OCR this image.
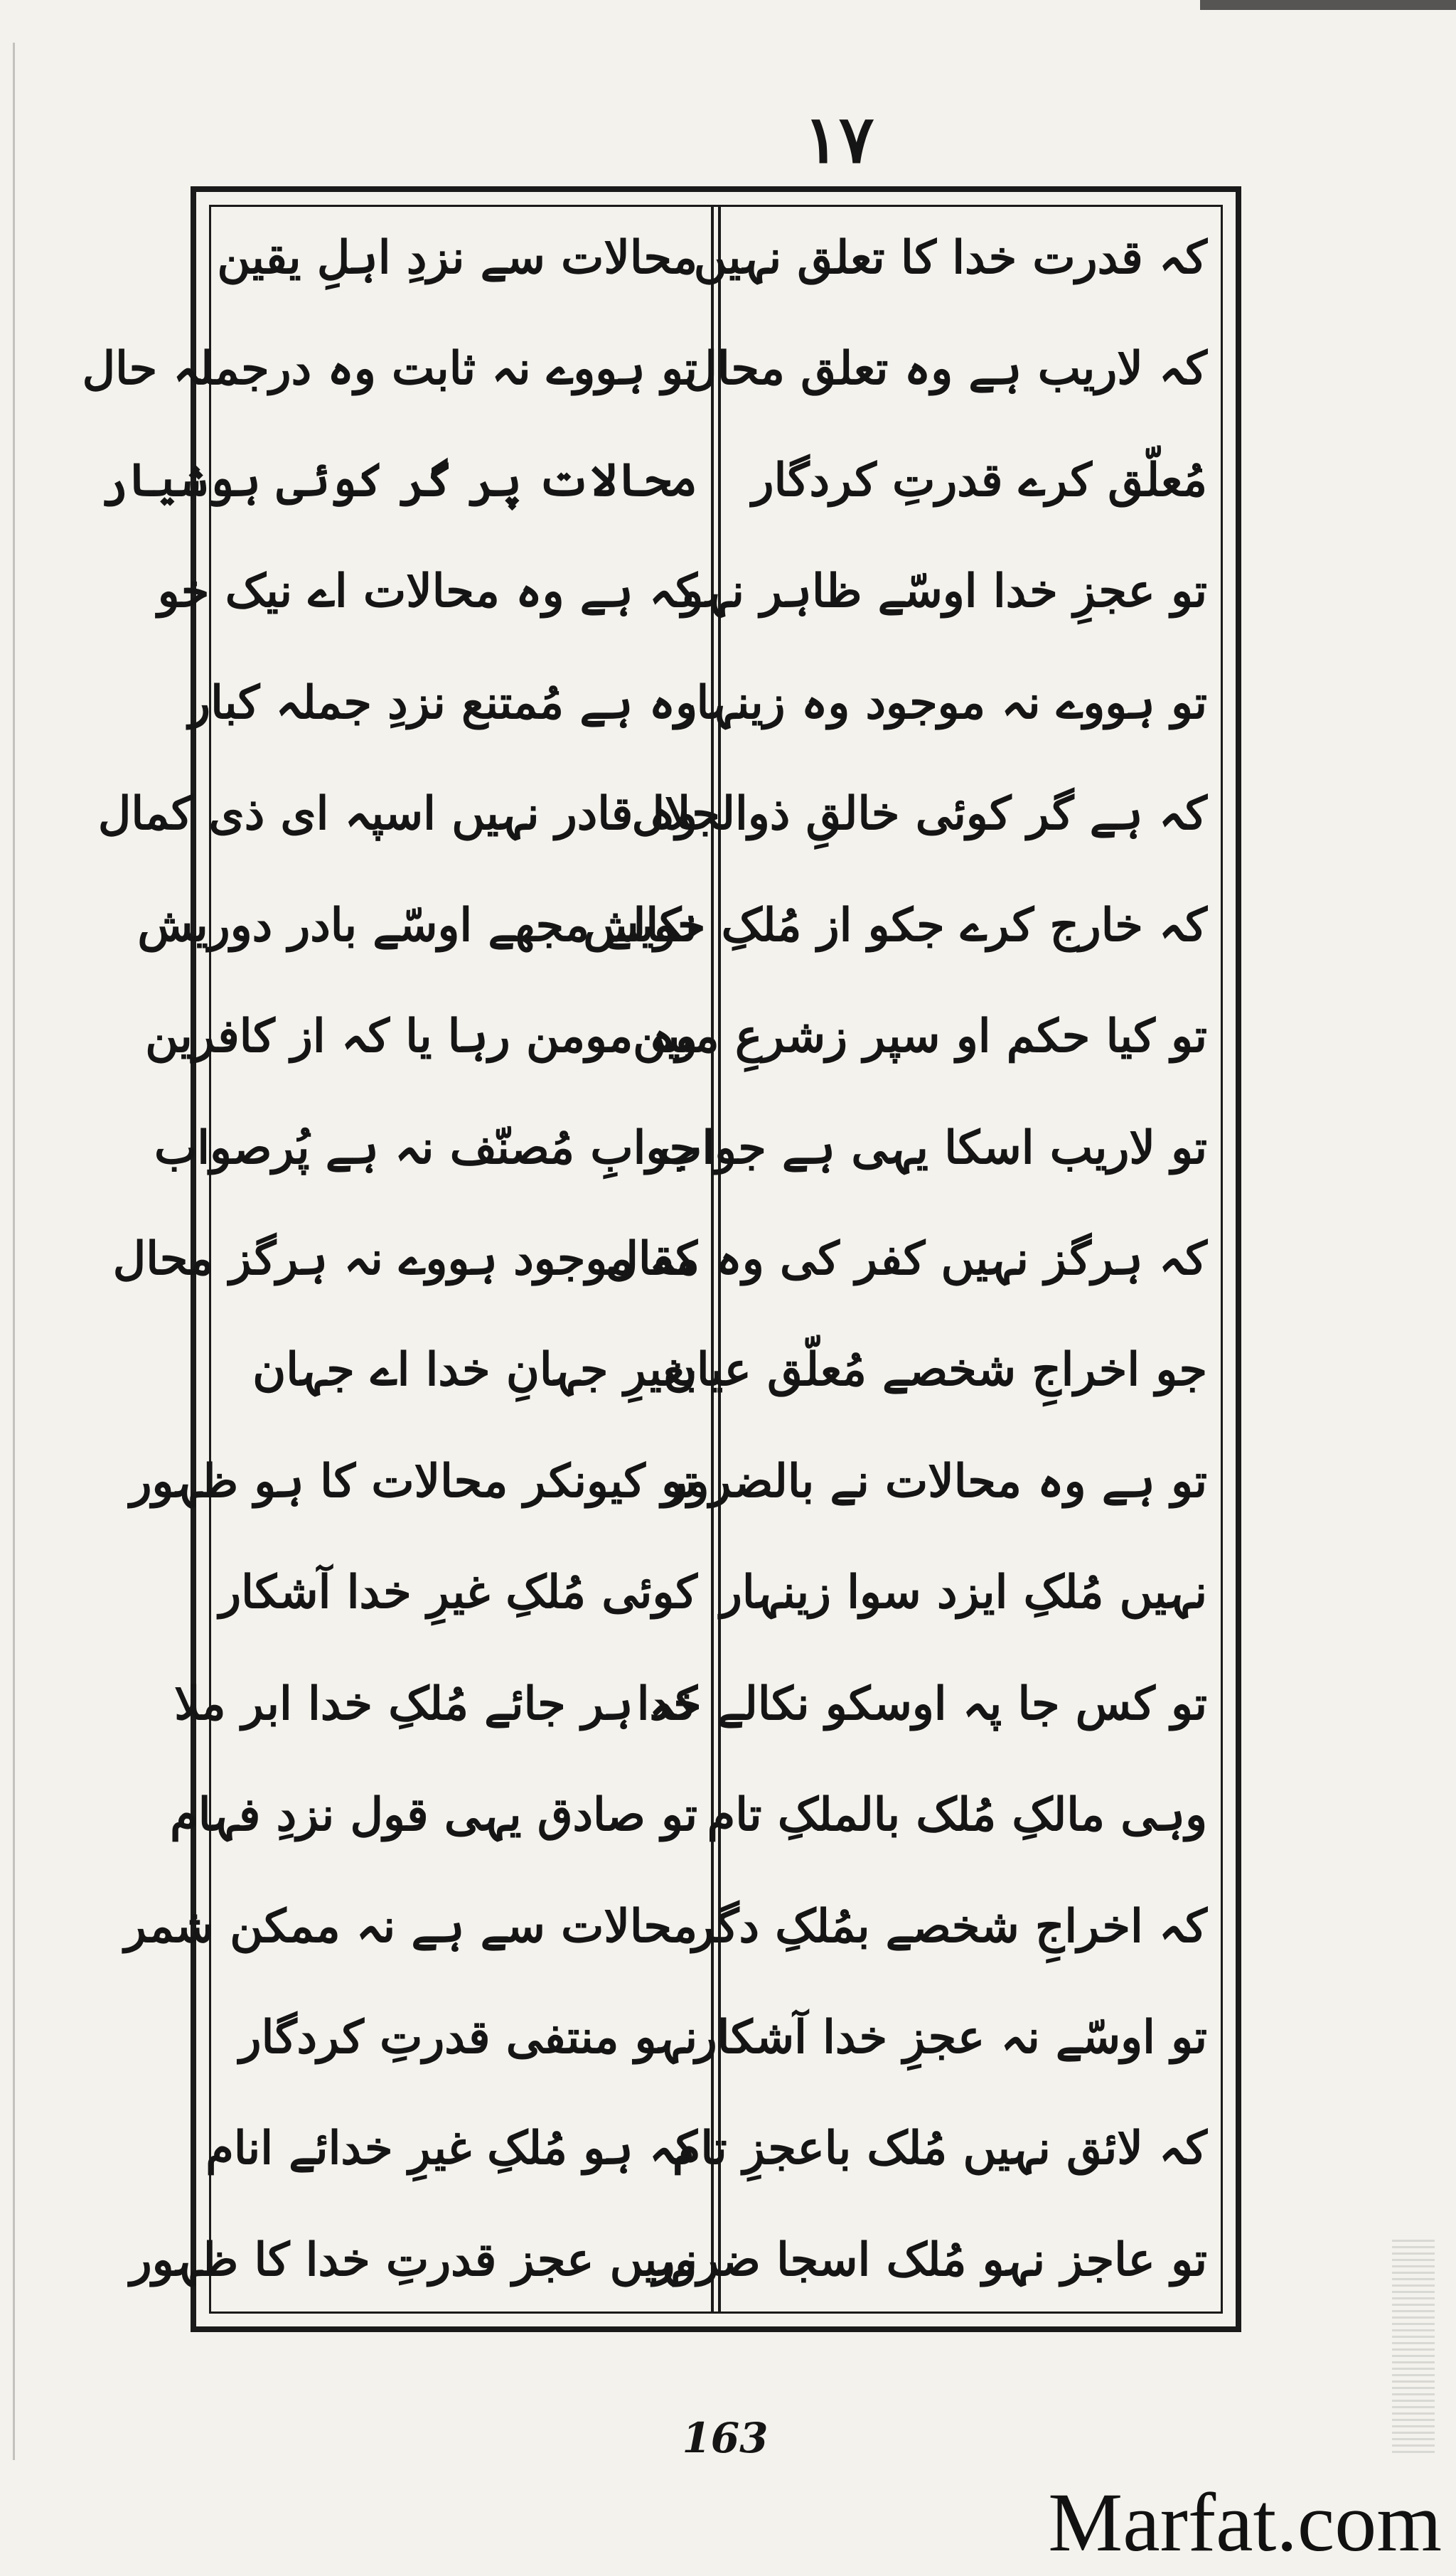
۱۷
کہ قدرت خدا کا تعلق نہیں
کہ لاریب ہے وہ تعلق محال
مُعلّق کرے قدرتِ کردگار
تو عجزِ خدا اوسّے ظاہر نہو
تو ہووے نہ موجود وہ زینہار
کہ ہے گر کوئی خالقِ ذوالجلال
کہ خارج کرے جکو از مُلکِ خویش
تو کیا حکم او سپر زشرعِ مبین
تو لاریب اسکا یہی ہے جواب
کہ ہرگز نہیں کفر کی وہ مقال
جو اخراجِ شخصے مُعلّق عیان
تو ہے وہ محالات نے بالضرور
نہیں مُلکِ ایزد سوا زینہار
تو کس جا پہ اوسکو نکالے خدا
وہی مالکِ مُلک بالملکِ تام
کہ اخراجِ شخصے بمُلکِ دگر
تو اوسّے نہ عجزِ خدا آشکار
کہ لائق نہیں مُلک باعجزِ تام
تو عاجز نہو مُلک اسجا ضرور
محالات سے نزدِ اہلِ یقین
تو ہووے نہ ثابت وہ درجملہ حال
محالات پر گر کوئی ہوشیار
کہ ہے وہ محالات اے نیک خو
وہ ہے مُمتنع نزدِ جملہ کبار
وہ قادر نہیں اسپہ ای ذی کمال
نکالے مجھے اوسّے بادر دوریش
وہ مومن رہا یا کہ از کافرین
جوابِ مُصنّف نہ ہے پُرصواب
کہ موجود ہووے نہ ہرگز محال
بغیرِ جہانِ خدا اے جہان
تو کیونکر محالات کا ہو ظہور
کوئی مُلکِ غیرِ خدا آشکار
کہ ہر جائے مُلکِ خدا ابر ملا
تو صادق یہی قول نزدِ فہام
محالات سے ہے نہ ممکن شمر
نہو منتفی قدرتِ کردگار
کہ ہو مُلکِ غیرِ خدائے انام
نہیں عجز قدرتِ خدا کا ظہور
163
Marfat.com
